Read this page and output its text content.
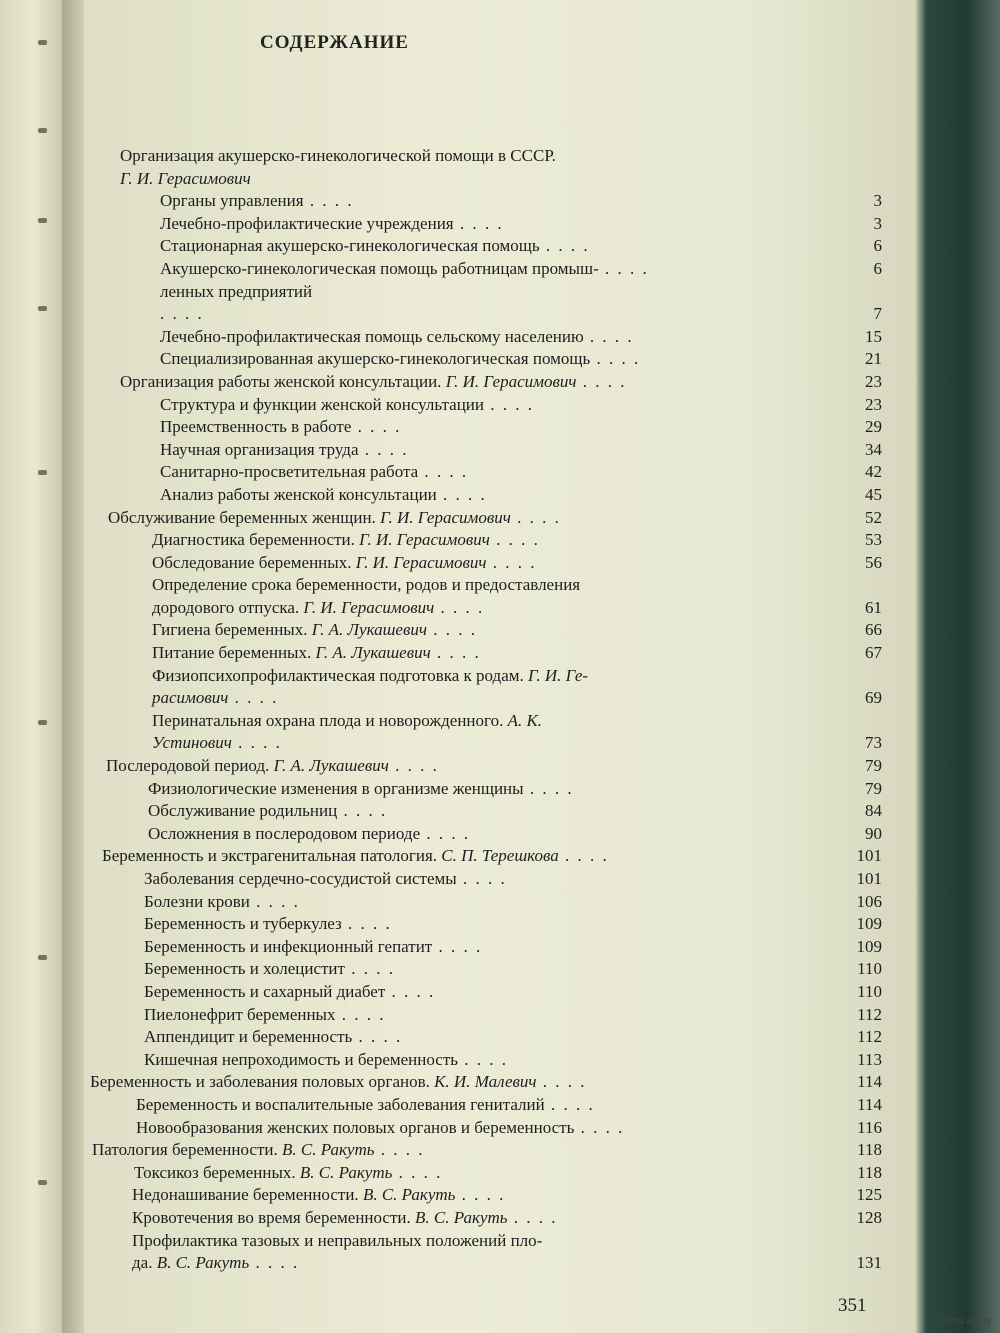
СОДЕРЖАНИЕ
Организация акушерско-гинекологической помощи в СССР.
Г. И. Герасимович
Органы управления . . . .	3
Лечебно-профилактические учреждения . . . .	3
Стационарная акушерско-гинекологическая помощь . . . .	6
Акушерско-гинекологическая помощь работницам промыш- . . . .	6
ленных предприятий
. . . .	7
Лечебно-профилактическая помощь сельскому населению . . . .	15
Специализированная акушерско-гинекологическая помощь . . . .	21
Организация работы женской консультации. Г. И. Герасимович . . . .	23
Структура и функции женской консультации . . . .	23
Преемственность в работе . . . .	29
Научная организация труда . . . .	34
Санитарно-просветительная работа . . . .	42
Анализ работы женской консультации . . . .	45
Обслуживание беременных женщин. Г. И. Герасимович . . . .	52
Диагностика беременности. Г. И. Герасимович . . . .	53
Обследование беременных. Г. И. Герасимович . . . .	56
Определение срока беременности, родов и предоставления
дородового отпуска. Г. И. Герасимович . . . .	61
Гигиена беременных. Г. А. Лукашевич . . . .	66
Питание беременных. Г. А. Лукашевич . . . .	67
Физиопсихопрофилактическая подготовка к родам. Г. И. Ге-
расимович . . . .	69
Перинатальная охрана плода и новорожденного. А. К.
Устинович . . . .	73
Послеродовой период. Г. А. Лукашевич . . . .	79
Физиологические изменения в организме женщины . . . .	79
Обслуживание родильниц . . . .	84
Осложнения в послеродовом периоде . . . .	90
Беременность и экстрагенитальная патология. С. П. Терешкова . . . .	101
Заболевания сердечно-сосудистой системы . . . .	101
Болезни крови . . . .	106
Беременность и туберкулез . . . .	109
Беременность и инфекционный гепатит . . . .	109
Беременность и холецистит . . . .	110
Беременность и сахарный диабет . . . .	110
Пиелонефрит беременных . . . .	112
Аппендицит и беременность . . . .	112
Кишечная непроходимость и беременность . . . .	113
Беременность и заболевания половых органов. К. И. Малевич . . . .	114
Беременность и воспалительные заболевания гениталий . . . .	114
Новообразования женских половых органов и беременность . . . .	116
Патология беременности. В. С. Ракуть . . . .	118
Токсикоз беременных. В. С. Ракуть . . . .	118
Недонашивание беременности. В. С. Ракуть . . . .	125
Кровотечения во время беременности. В. С. Ракуть . . . .	128
Профилактика тазовых и неправильных положений пло-
да. В. С. Ракуть . . . .	131
351
www.ay.by
